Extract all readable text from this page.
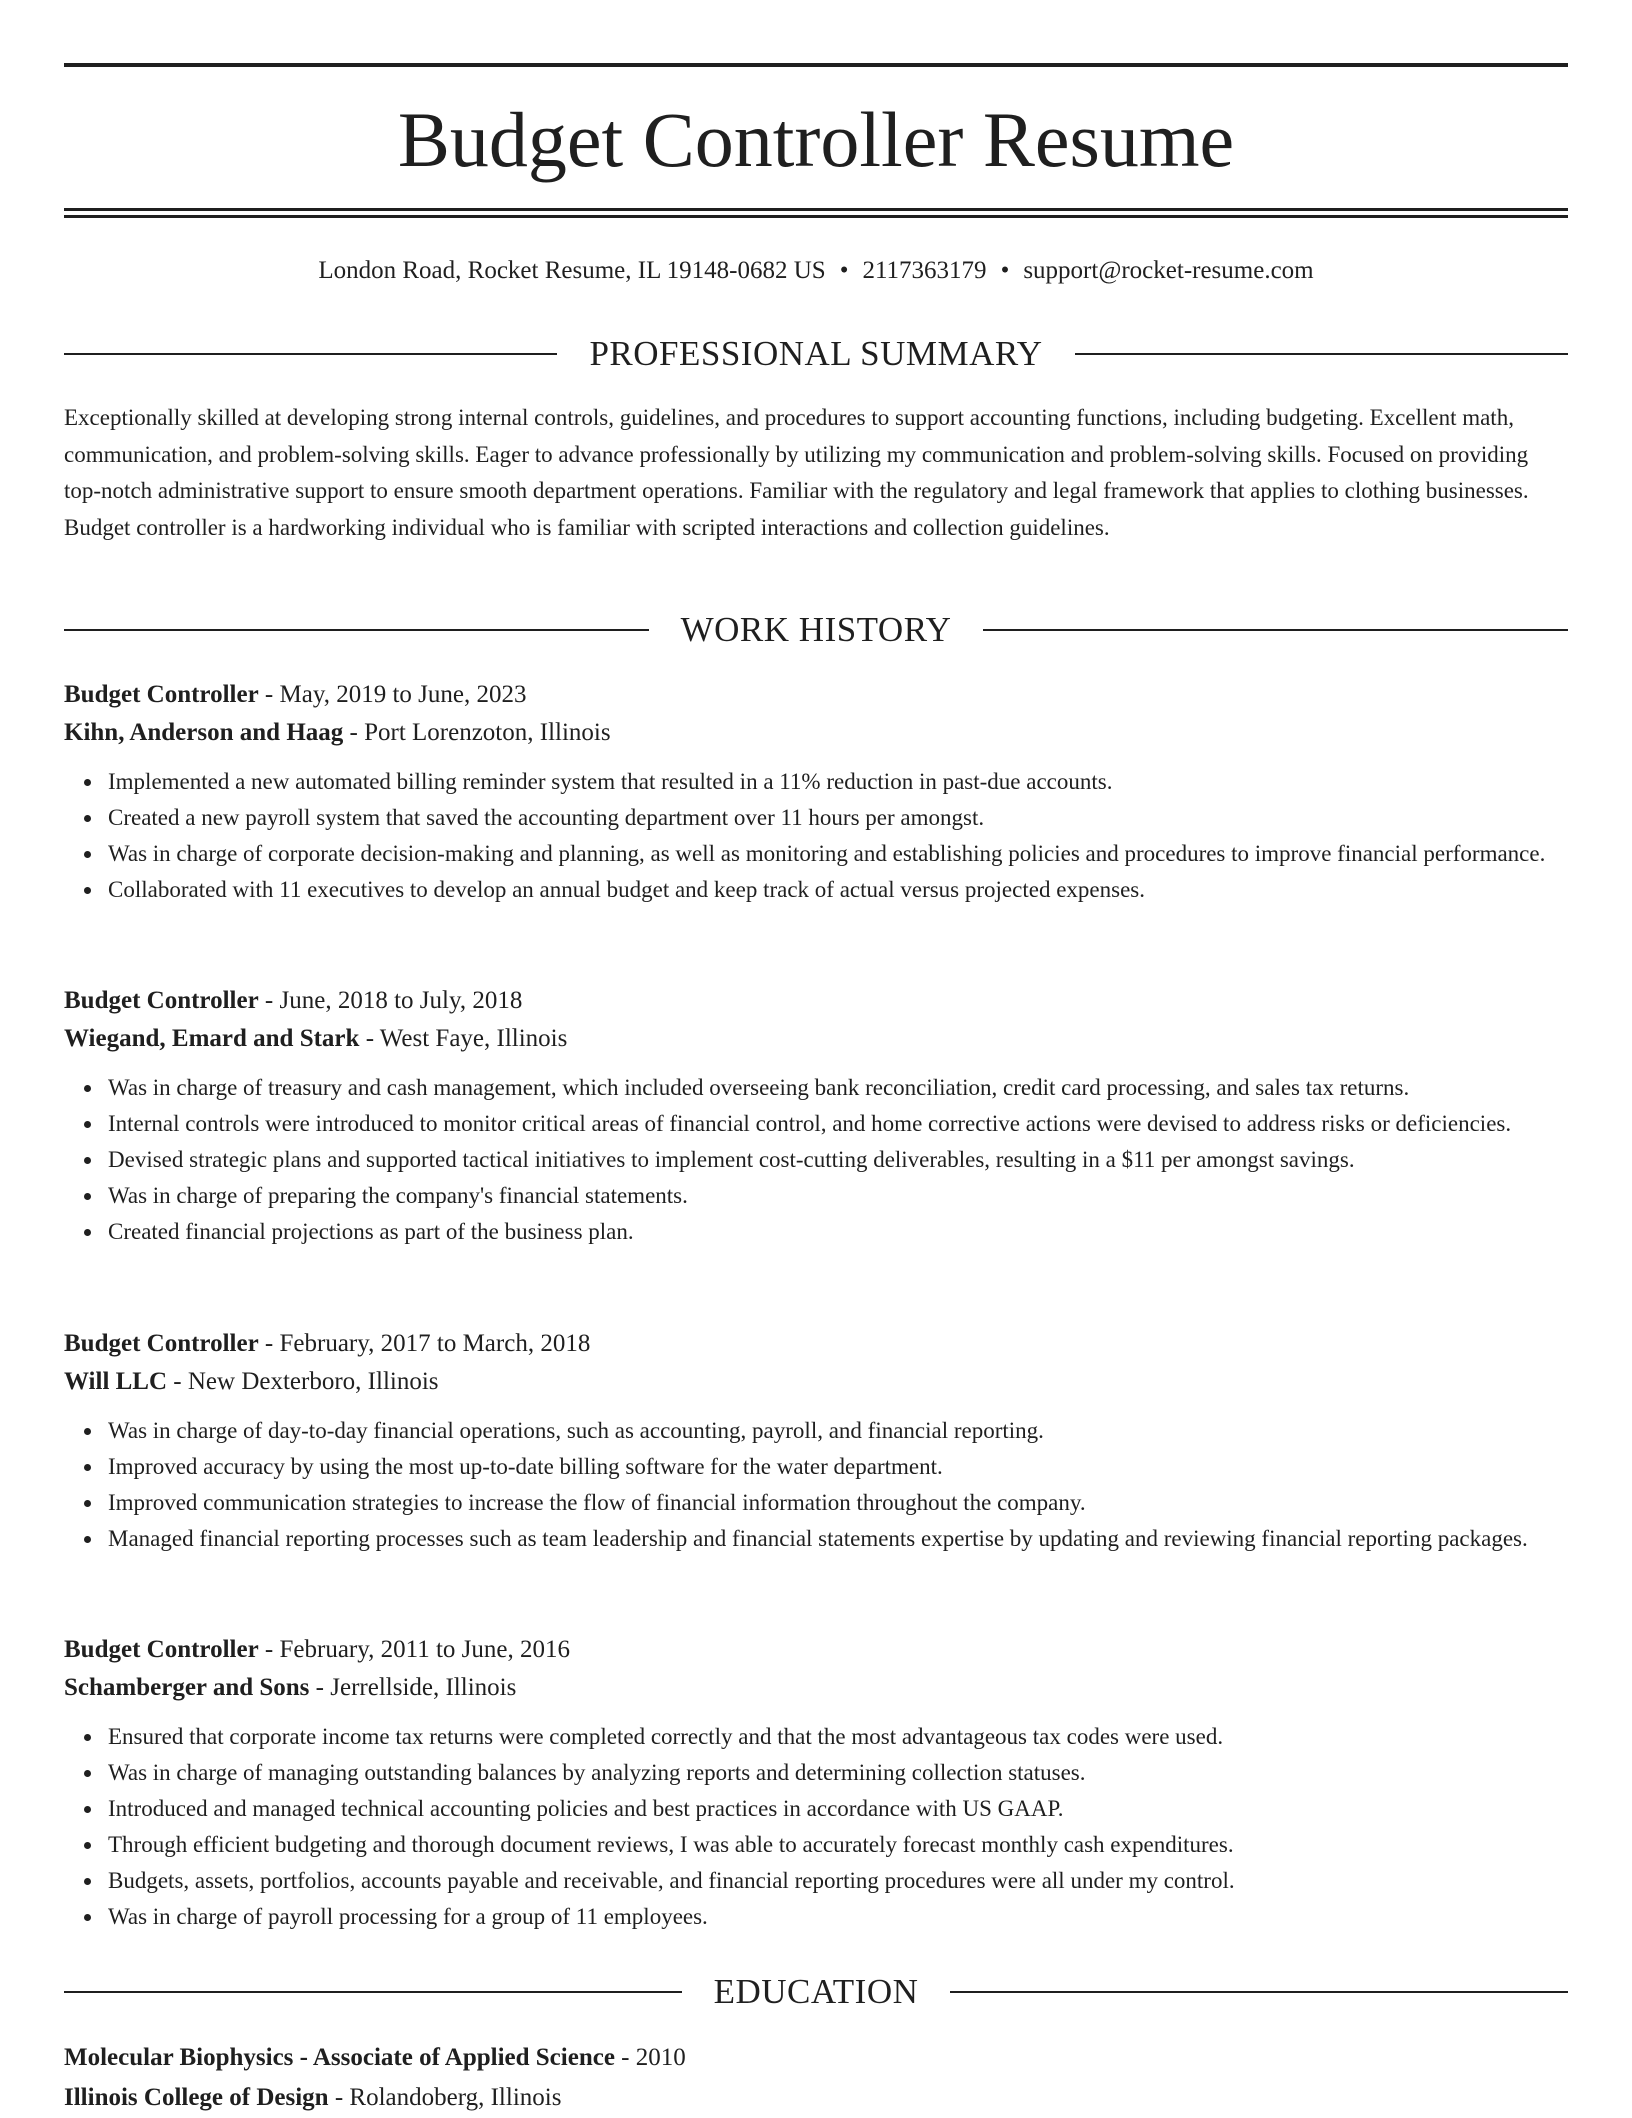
Budget Controller Resume
London Road, Rocket Resume, IL 19148-0682 US • 2117363179 • support@rocket-resume.com
PROFESSIONAL SUMMARY

Exceptionally skilled at developing strong internal controls, guidelines, and procedures to support accounting functions, including budgeting. Excellent math, communication, and problem-solving skills. Eager to advance professionally by utilizing my communication and problem-solving skills. Focused on providing top-notch administrative support to ensure smooth department operations. Familiar with the regulatory and legal framework that applies to clothing businesses. Budget controller is a hardworking individual who is familiar with scripted interactions and collection guidelines.

WORK HISTORY
Budget Controller - May, 2019 to June, 2023
Kihn, Anderson and Haag - Port Lorenzoton, Illinois
Implemented a new automated billing reminder system that resulted in a 11% reduction in past-due accounts.
Created a new payroll system that saved the accounting department over 11 hours per amongst.
Was in charge of corporate decision-making and planning, as well as monitoring and establishing policies and procedures to improve financial performance.
Collaborated with 11 executives to develop an annual budget and keep track of actual versus projected expenses.
Budget Controller - June, 2018 to July, 2018
Wiegand, Emard and Stark - West Faye, Illinois
Was in charge of treasury and cash management, which included overseeing bank reconciliation, credit card processing, and sales tax returns.
Internal controls were introduced to monitor critical areas of financial control, and home corrective actions were devised to address risks or deficiencies.
Devised strategic plans and supported tactical initiatives to implement cost-cutting deliverables, resulting in a $11 per amongst savings.
Was in charge of preparing the company's financial statements.
Created financial projections as part of the business plan.
Budget Controller - February, 2017 to March, 2018
Will LLC - New Dexterboro, Illinois
Was in charge of day-to-day financial operations, such as accounting, payroll, and financial reporting.
Improved accuracy by using the most up-to-date billing software for the water department.
Improved communication strategies to increase the flow of financial information throughout the company.
Managed financial reporting processes such as team leadership and financial statements expertise by updating and reviewing financial reporting packages.
Budget Controller - February, 2011 to June, 2016
Schamberger and Sons - Jerrellside, Illinois
Ensured that corporate income tax returns were completed correctly and that the most advantageous tax codes were used.
Was in charge of managing outstanding balances by analyzing reports and determining collection statuses.
Introduced and managed technical accounting policies and best practices in accordance with US GAAP.
Through efficient budgeting and thorough document reviews, I was able to accurately forecast monthly cash expenditures.
Budgets, assets, portfolios, accounts payable and receivable, and financial reporting procedures were all under my control.
Was in charge of payroll processing for a group of 11 employees.
EDUCATION
Molecular Biophysics - Associate of Applied Science - 2010
Illinois College of Design - Rolandoberg, Illinois
